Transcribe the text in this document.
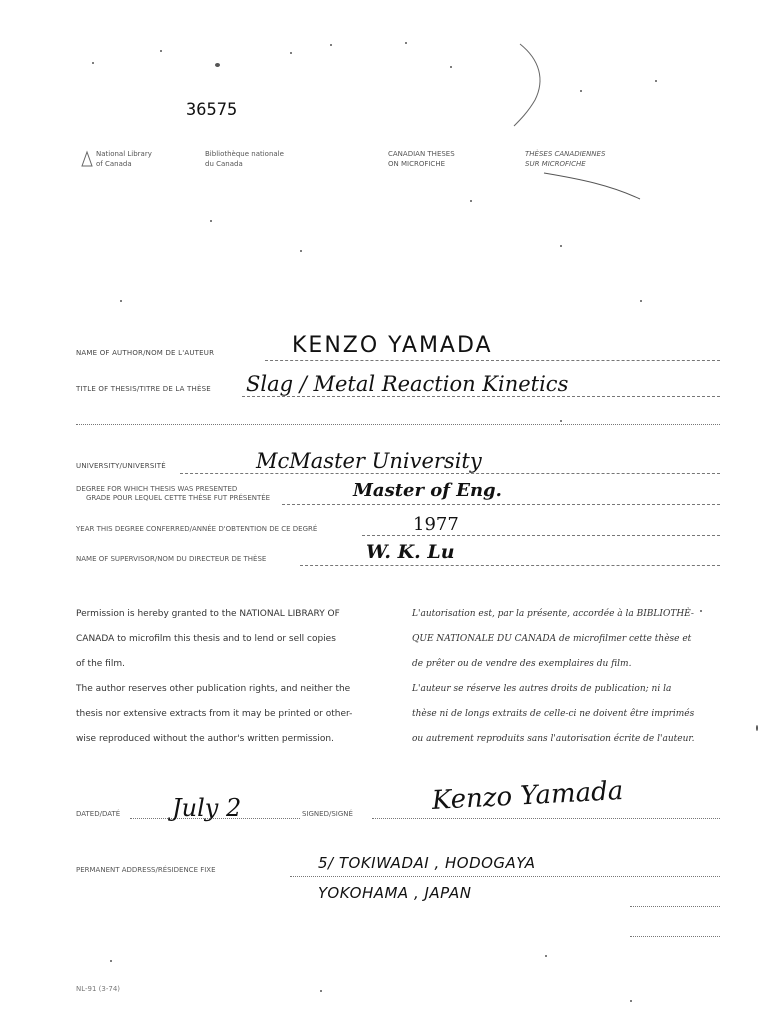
36575
National Library
of Canada
Bibliothèque nationale
du Canada
CANADIAN THESES
ON MICROFICHE
THÈSES CANADIENNES
SUR MICROFICHE
NAME OF AUTHOR/NOM DE L'AUTEUR	KENZO YAMADA
TITLE OF THESIS/TITRE DE LA THÈSE Slag / Metal Reaction Kinetics
UNIVERSITY/UNIVERSITÉ	McMaster University
DEGREE FOR WHICH THESIS WAS PRESENTED
GRADE POUR LEQUEL CETTE THÈSE FUT PRÉSENTÉE	Master of Eng.
YEAR THIS DEGREE CONFERRED/ANNÉE D'OBTENTION DE CE DEGRÉ	1977
NAME OF SUPERVISOR/NOM DU DIRECTEUR DE THÈSE	W. K. Lu
Permission is hereby granted to the NATIONAL LIBRARY OF
CANADA to microfilm this thesis and to lend or sell copies
of the film.
The author reserves other publication rights, and neither the
thesis nor extensive extracts from it may be printed or other-
wise reproduced without the author's written permission.
L'autorisation est, par la présente, accordée à la BIBLIOTHÈ-
QUE NATIONALE DU CANADA de microfilmer cette thèse et
de prêter ou de vendre des exemplaires du film.
L'auteur se réserve les autres droits de publication; ni la
thèse ni de longs extraits de celle-ci ne doivent être imprimés
ou autrement reproduits sans l'autorisation écrite de l'auteur.
DATED/DATÉ July 2	SIGNED/SIGNÉ	Kenzo Yamada
PERMANENT ADDRESS/RÉSIDENCE FIXE	5/ TOKIWADAI , HODOGAYA
YOKOHAMA , JAPAN
NL-91 (3-74)
